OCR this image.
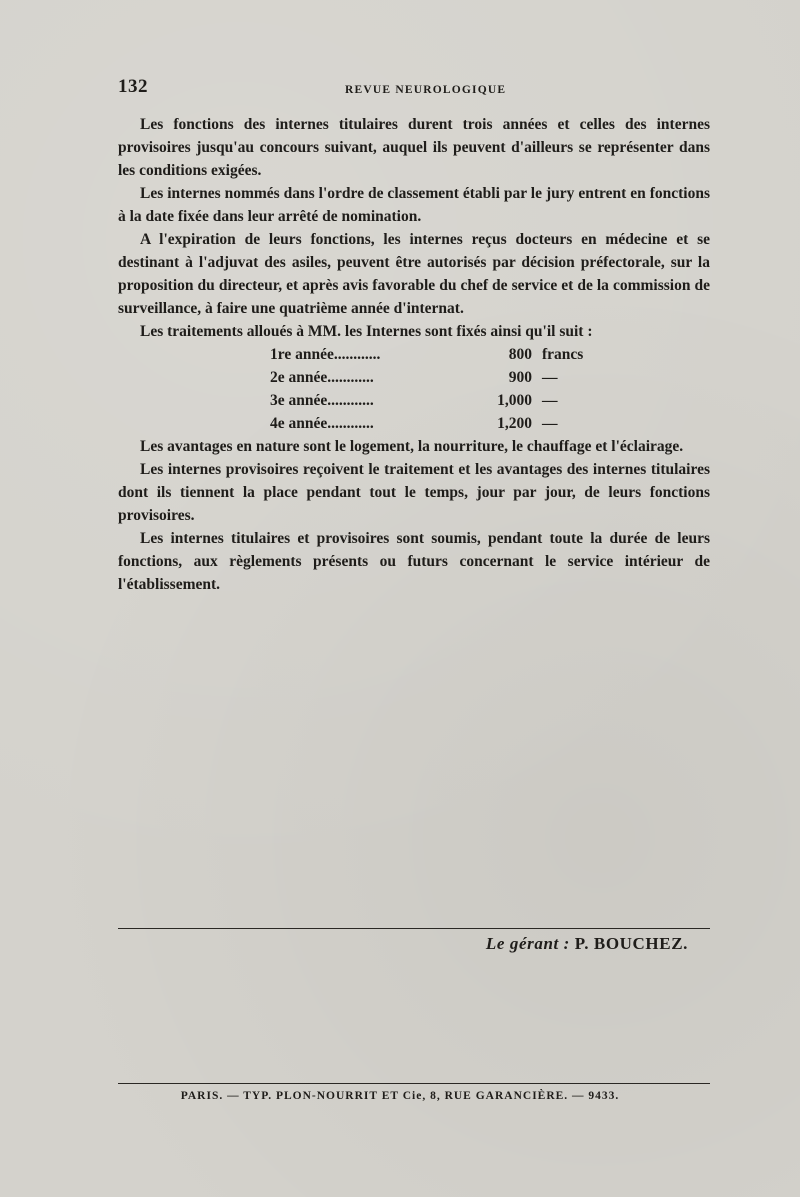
132	REVUE NEUROLOGIQUE

Les fonctions des internes titulaires durent trois années et celles des internes provisoires jusqu'au concours suivant, auquel ils peuvent d'ailleurs se représenter dans les conditions exigées.

Les internes nommés dans l'ordre de classement établi par le jury entrent en fonctions à la date fixée dans leur arrêté de nomination.

A l'expiration de leurs fonctions, les internes reçus docteurs en médecine et se destinant à l'adjuvat des asiles, peuvent être autorisés par décision préfectorale, sur la proposition du directeur, et après avis favorable du chef de service et de la commission de surveillance, à faire une quatrième année d'internat.

Les traitements alloués à MM. les Internes sont fixés ainsi qu'il suit :

1re année............	800	francs
2e année............	900	—
3e année............	1,000	—
4e année............	1,200	—

Les avantages en nature sont le logement, la nourriture, le chauffage et l'éclairage.

Les internes provisoires reçoivent le traitement et les avantages des internes titulaires dont ils tiennent la place pendant tout le temps, jour par jour, de leurs fonctions provisoires.

Les internes titulaires et provisoires sont soumis, pendant toute la durée de leurs fonctions, aux règlements présents ou futurs concernant le service intérieur de l'établissement.

Le gérant : P. BOUCHEZ.
PARIS. — TYP. PLON-NOURRIT ET Cie, 8, RUE GARANCIÈRE. — 9433.
